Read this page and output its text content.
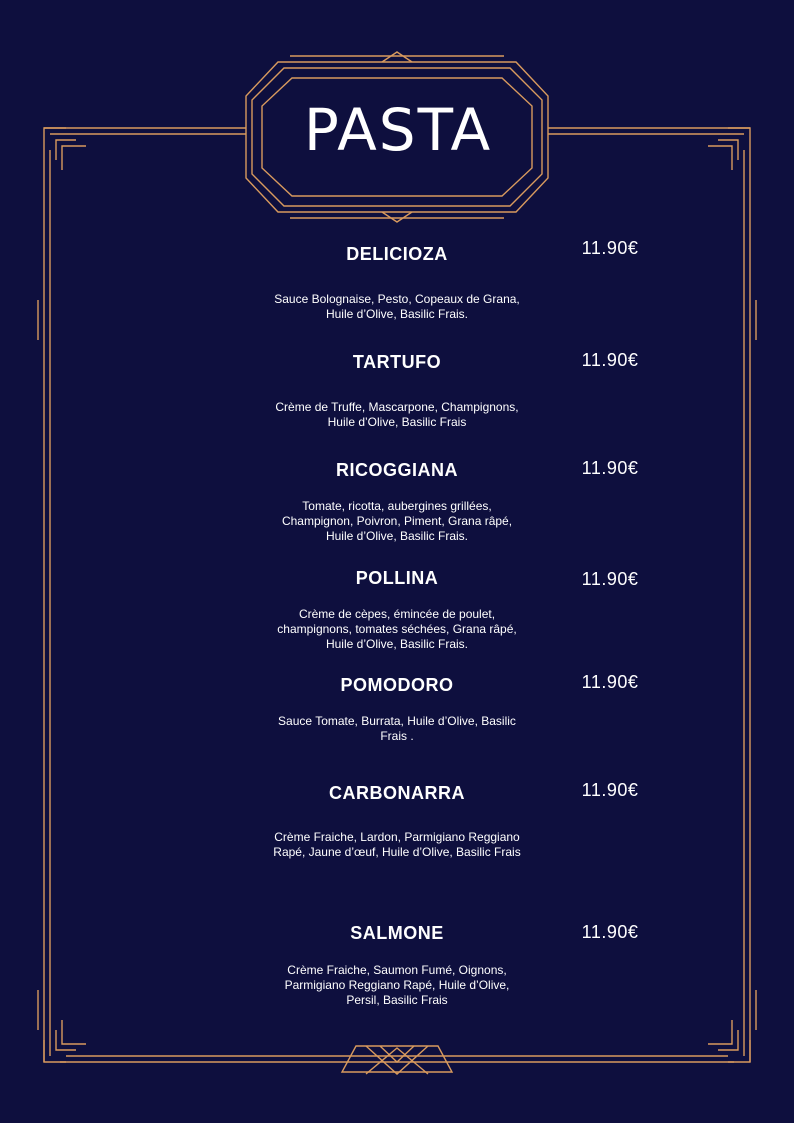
PASTA
DELICIOZA	11.90€
Sauce Bolognaise, Pesto, Copeaux de Grana,
Huile d’Olive, Basilic Frais.
TARTUFO	11.90€
Crème de Truffe, Mascarpone, Champignons,
Huile d’Olive, Basilic Frais
RICOGGIANA	11.90€
Tomate, ricotta, aubergines grillées,
Champignon, Poivron, Piment, Grana râpé,
Huile d’Olive, Basilic Frais.
POLLINA	11.90€
Crème de cèpes, émincée de poulet,
champignons, tomates séchées, Grana râpé,
Huile d’Olive, Basilic Frais.
POMODORO	11.90€
Sauce Tomate, Burrata, Huile d’Olive, Basilic
Frais .
CARBONARRA	11.90€
Crème Fraiche, Lardon, Parmigiano Reggiano
Rapé, Jaune d’œuf, Huile d’Olive, Basilic Frais
SALMONE	11.90€
Crème Fraiche, Saumon Fumé, Oignons,
Parmigiano Reggiano Rapé, Huile d’Olive,
Persil, Basilic Frais
